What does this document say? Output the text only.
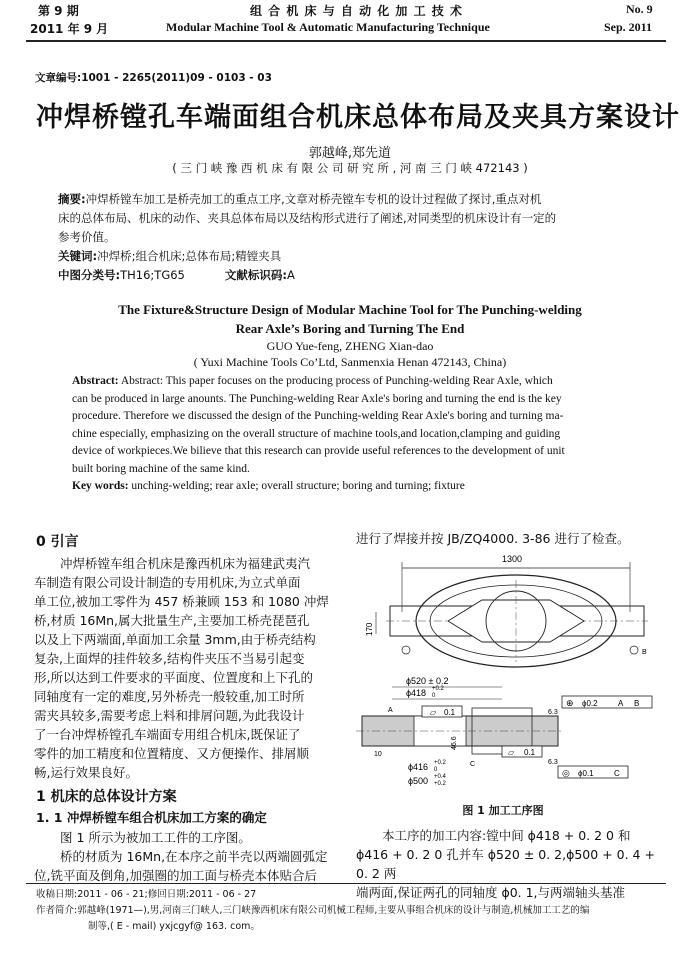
第 9 期
2011 年 9 月
组 合 机 床 与 自 动 化 加 工 技 术
Modular Machine Tool & Automatic Manufacturing Technique
No. 9
Sep. 2011
文章编号:1001 - 2265(2011)09 - 0103 - 03
冲焊桥镗孔车端面组合机床总体布局及夹具方案设计
郭越峰,郑先道
( 三 门 峡 豫 西 机 床 有 限 公 司 研 究 所 , 河 南 三 门 峡 472143 )
摘要:冲焊桥镗车加工是桥壳加工的重点工序,文章对桥壳镗车专机的设计过程做了探讨,重点对机
床的总体布局、机床的动作、夹具总体布局以及结构形式进行了阐述,对同类型的机床设计有一定的
参考价值。
关键词:冲焊桥;组合机床;总体布局;精镗夹具
中图分类号:TH16;TG65	文献标识码:A
The Fixture&Structure Design of Modular Machine Tool for The Punching-welding
Rear Axle’s Boring and Turning The End
GUO Yue-feng, ZHENG Xian-dao
( Yuxi Machine Tools Co’Ltd, Sanmenxia Henan 472143, China)
Abstract: Abstract: This paper focuses on the producing process of Punching-welding Rear Axle, which
can be produced in large anounts. The Punching-welding Rear Axle's boring and turning the end is the key
procedure. Therefore we discussed the design of the Punching-welding Rear Axle's boring and turning ma-
chine especially, emphasizing on the overall structure of machine tools,and location,clamping and guiding
device of workpieces.We bilieve that this research can provide useful references to the development of unit
built boring machine of the same kind.
Key words: unching-welding; rear axle; overall structure; boring and turning; fixture
0 引言
冲焊桥镗车组合机床是豫西机床为福建武夷汽
车制造有限公司设计制造的专用机床,为立式单面
单工位,被加工零件为 457 桥兼顾 153 和 1080 冲焊
桥,材质 16Mn,属大批量生产,主要加工桥壳琵琶孔
以及上下两端面,单面加工余量 3mm,由于桥壳结构
复杂,上面焊的挂件较多,结构件夹压不当易引起变
形,所以达到工件要求的平面度、位置度和上下孔的
同轴度有一定的难度,另外桥壳一般较重,加工时所
需夹具较多,需要考虑上料和排屑问题,为此我设计
了一台冲焊桥镗孔车端面专用组合机床,既保证了
零件的加工精度和位置精度、又方便操作、排屑顺
畅,运行效果良好。
1 机床的总体设计方案
1. 1 冲焊桥镗车组合机床加工方案的确定
图 1 所示为被加工工件的工序图。
桥的材质为 16Mn,在本序之前半壳以两端圆弧定
位,铣平面及倒角,加强圈的加工面与桥壳本体贴合后
进行了焊接并按 JB/ZQ4000. 3-86 进行了检查。
1300
170
B
ϕ520 ± 0.2
ϕ418 +0.2
0
46.6
10
6.3
6.3
▱ 0.1
▱ 0.1
⊕ ϕ0.2	A B
ϕ416 +0.2
0
ϕ500 +0.4
+0.2
C
A
◎ ϕ0.1	C
图 1 加工工序图
本工序的加工内容:镗中间 ϕ418 + 0. 2 0 和
ϕ416 + 0. 2 0 孔并车 ϕ520 ± 0. 2,ϕ500 + 0. 4 + 0. 2 两
端两面,保证两孔的同轴度 ϕ0. 1,与两端轴头基准
收稿日期:2011 - 06 - 21;修回日期:2011 - 06 - 27
作者简介:郭越峰(1971—),男,河南三门峡人,三门峡豫西机床有限公司机械工程师,主要从事组合机床的设计与制造,机械加工工艺的编
制等,( E - mail) yxjcgyf@ 163. com。
